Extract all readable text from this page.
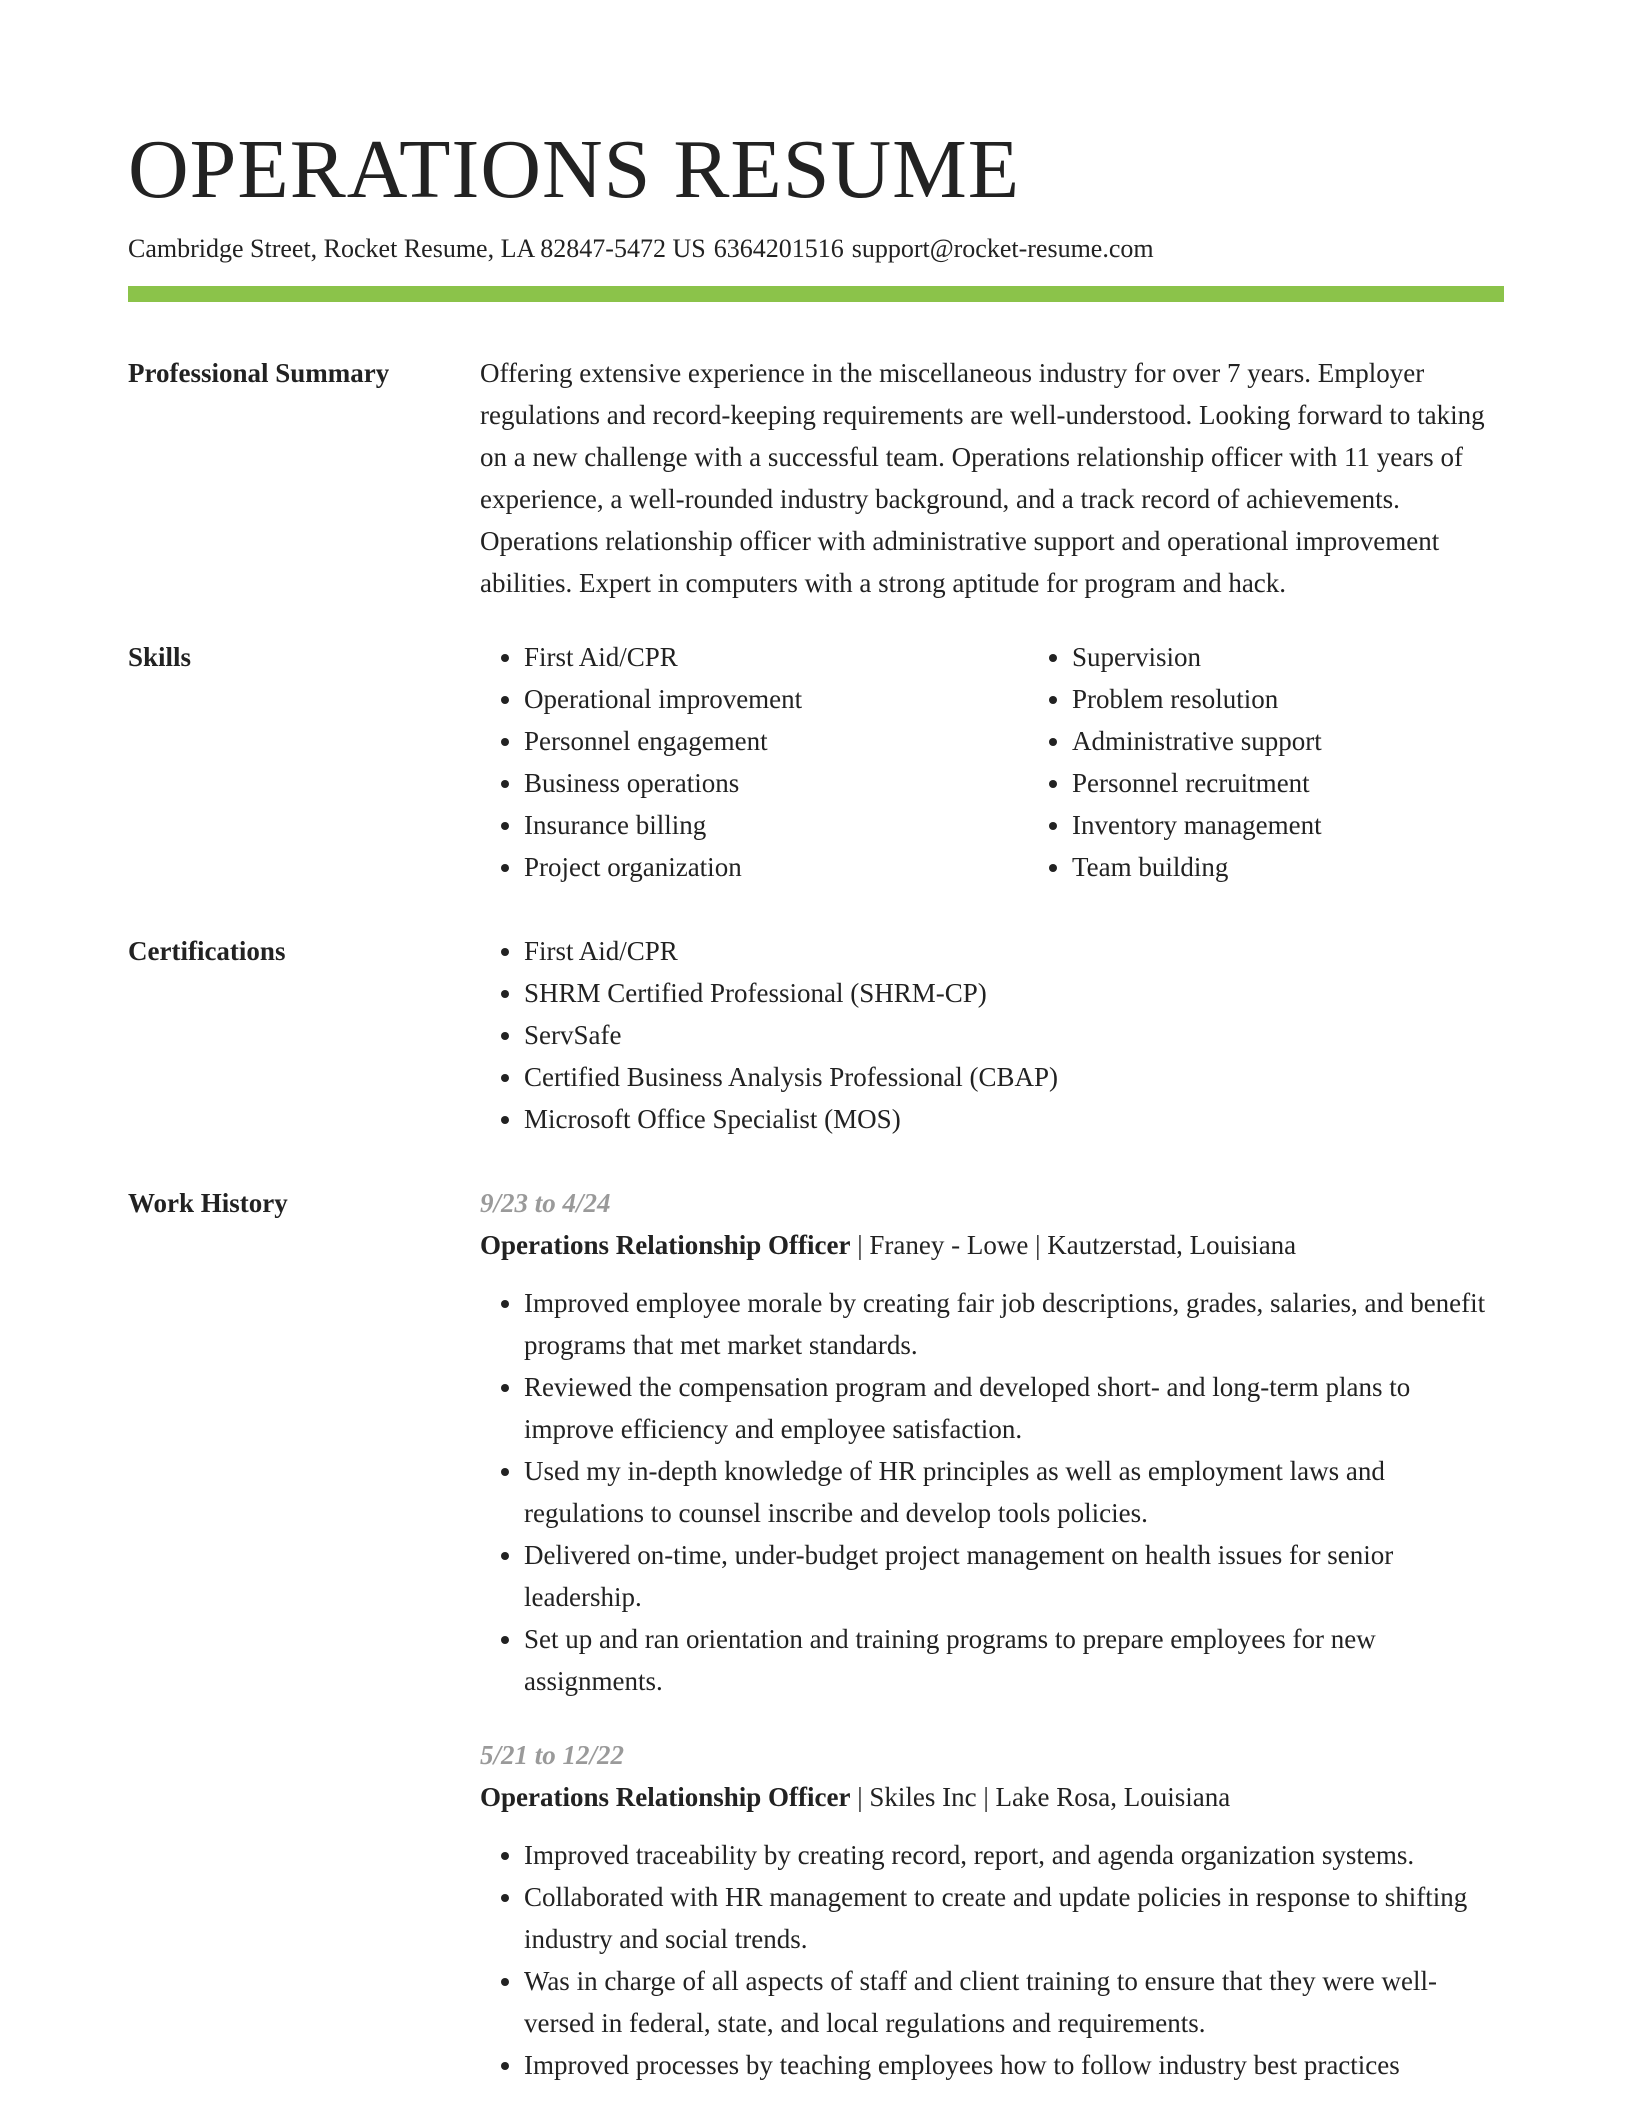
OPERATIONS RESUME
Cambridge Street, Rocket Resume, LA 82847-5472 US 6364201516 support@rocket-resume.com
Professional Summary	Offering extensive experience in the miscellaneous industry for over 7 years. Employer regulations and record-keeping requirements are well-understood. Looking forward to taking on a new challenge with a successful team. Operations relationship officer with 11 years of experience, a well-rounded industry background, and a track record of achievements. Operations relationship officer with administrative support and operational improvement abilities. Expert in computers with a strong aptitude for program and hack.
Skills	• First Aid/CPR
• Operational improvement
• Personnel engagement
• Business operations
• Insurance billing
• Project organization
• Supervision
• Problem resolution
• Administrative support
• Personnel recruitment
• Inventory management
• Team building
Certifications	• First Aid/CPR
• SHRM Certified Professional (SHRM-CP)
• ServSafe
• Certified Business Analysis Professional (CBAP)
• Microsoft Office Specialist (MOS)
Work History	9/23 to 4/24
Operations Relationship Officer | Franey - Lowe | Kautzerstad, Louisiana
• Improved employee morale by creating fair job descriptions, grades, salaries, and benefit programs that met market standards.
• Reviewed the compensation program and developed short- and long-term plans to improve efficiency and employee satisfaction.
• Used my in-depth knowledge of HR principles as well as employment laws and regulations to counsel inscribe and develop tools policies.
• Delivered on-time, under-budget project management on health issues for senior leadership.
• Set up and ran orientation and training programs to prepare employees for new assignments.
5/21 to 12/22
Operations Relationship Officer | Skiles Inc | Lake Rosa, Louisiana
• Improved traceability by creating record, report, and agenda organization systems.
• Collaborated with HR management to create and update policies in response to shifting industry and social trends.
• Was in charge of all aspects of staff and client training to ensure that they were well-versed in federal, state, and local regulations and requirements.
• Improved processes by teaching employees how to follow industry best practices
